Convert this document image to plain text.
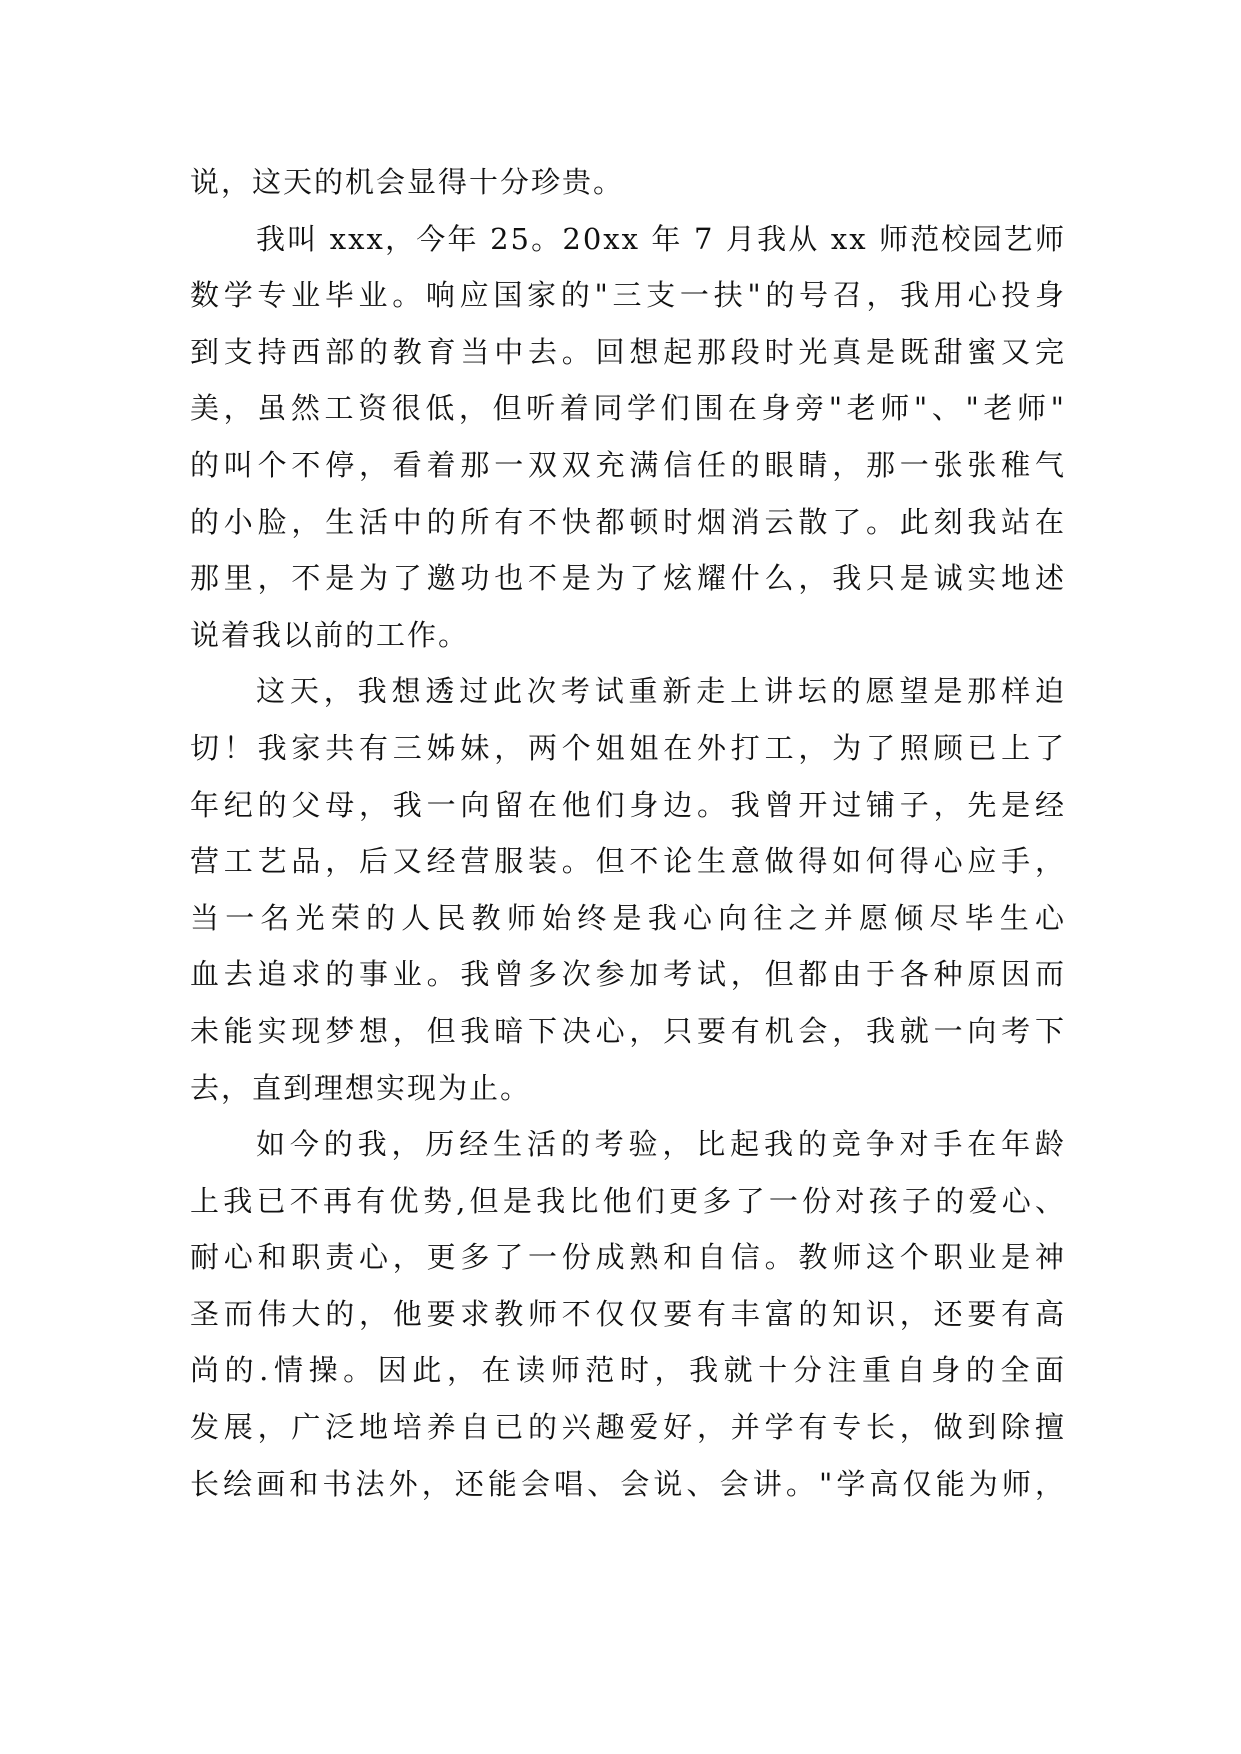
说，这天的机会显得十分珍贵。
我叫 xxx，今年 25。20xx 年 7 月我从 xx 师范校园艺师
数学专业毕业。响应国家的"三支一扶"的号召，我用心投身
到支持西部的教育当中去。回想起那段时光真是既甜蜜又完
美，虽然工资很低，但听着同学们围在身旁"老师"、"老师"
的叫个不停，看着那一双双充满信任的眼睛，那一张张稚气
的小脸，生活中的所有不快都顿时烟消云散了。此刻我站在
那里，不是为了邀功也不是为了炫耀什么，我只是诚实地述
说着我以前的工作。
这天，我想透过此次考试重新走上讲坛的愿望是那样迫
切！我家共有三姊妹，两个姐姐在外打工，为了照顾已上了
年纪的父母，我一向留在他们身边。我曾开过铺子，先是经
营工艺品，后又经营服装。但不论生意做得如何得心应手，
当一名光荣的人民教师始终是我心向往之并愿倾尽毕生心
血去追求的事业。我曾多次参加考试，但都由于各种原因而
未能实现梦想，但我暗下决心，只要有机会，我就一向考下
去，直到理想实现为止。
如今的我，历经生活的考验，比起我的竞争对手在年龄
上我已不再有优势,但是我比他们更多了一份对孩子的爱心、
耐心和职责心，更多了一份成熟和自信。教师这个职业是神
圣而伟大的，他要求教师不仅仅要有丰富的知识，还要有高
尚的.情操。因此，在读师范时，我就十分注重自身的全面
发展，广泛地培养自已的兴趣爱好，并学有专长，做到除擅
长绘画和书法外，还能会唱、会说、会讲。"学高仅能为师，
